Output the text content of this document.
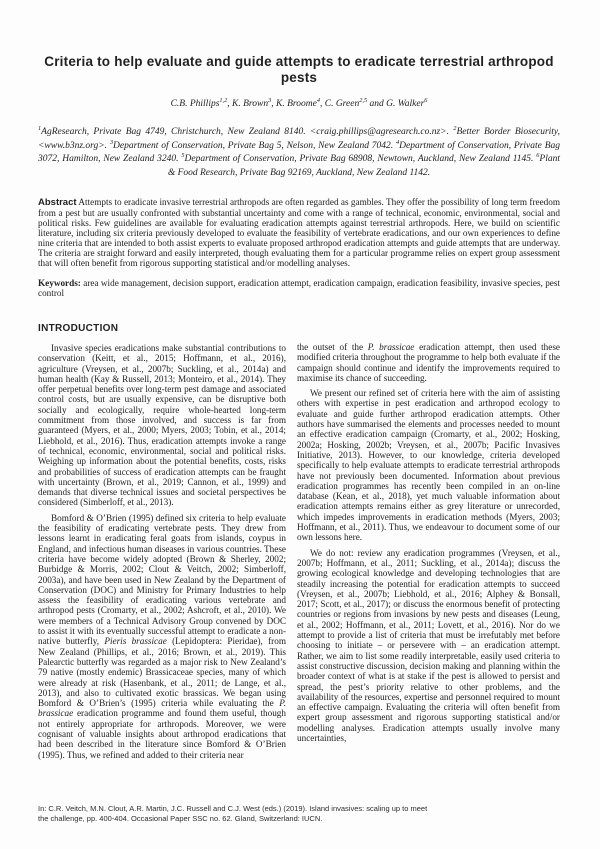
Criteria to help evaluate and guide attempts to eradicate terrestrial arthropod pests
C.B. Phillips$^{1,2}$, K. Brown$^3$, K. Broome$^4$, C. Green$^{2,5}$ and G. Walker$^6$
$^1$AgResearch, Private Bag 4749, Christchurch, New Zealand 8140. <craig.phillips@agresearch.co.nz>. $^2$Better Border Biosecurity, <www.b3nz.org>. $^3$Department of Conservation, Private Bag 5, Nelson, New Zealand 7042. $^4$Department of Conservation, Private Bag 3072, Hamilton, New Zealand 3240. $^5$Department of Conservation, Private Bag 68908, Newtown, Auckland, New Zealand 1145. $^6$Plant & Food Research, Private Bag 92169, Auckland, New Zealand 1142.

Abstract Attempts to eradicate invasive terrestrial arthropods are often regarded as gambles. They offer the possibility of long term freedom from a pest but are usually confronted with substantial uncertainty and come with a range of technical, economic, environmental, social and political risks. Few guidelines are available for evaluating eradication attempts against terrestrial arthropods. Here, we build on scientific literature, including six criteria previously developed to evaluate the feasibility of vertebrate eradications, and our own experiences to define nine criteria that are intended to both assist experts to evaluate proposed arthropod eradication attempts and guide attempts that are underway. The criteria are straight forward and easily interpreted, though evaluating them for a particular programme relies on expert group assessment that will often benefit from rigorous supporting statistical and/or modelling analyses.

Keywords: area wide management, decision support, eradication attempt, eradication campaign, eradication feasibility, invasive species, pest control

INTRODUCTION

Invasive species eradications make substantial contributions to conservation (Keitt, et al., 2015; Hoffmann, et al., 2016), agriculture (Vreysen, et al., 2007b; Suckling, et al., 2014a) and human health (Kay & Russell, 2013; Monteiro, et al., 2014). They offer perpetual benefits over long-term pest damage and associated control costs, but are usually expensive, can be disruptive both socially and ecologically, require whole-hearted long-term commitment from those involved, and success is far from guaranteed (Myers, et al., 2000; Myers, 2003; Tobin, et al., 2014; Liebhold, et al., 2016). Thus, eradication attempts invoke a range of technical, economic, environmental, social and political risks. Weighing up information about the potential benefits, costs, risks and probabilities of success of eradication attempts can be fraught with uncertainty (Brown, et al., 2019; Cannon, et al., 1999) and demands that diverse technical issues and societal perspectives be considered (Simberloff, et al., 2013).

Bomford & O’Brien (1995) defined six criteria to help evaluate the feasibility of eradicating vertebrate pests. They drew from lessons learnt in eradicating feral goats from islands, coypus in England, and infectious human diseases in various countries. These criteria have become widely adopted (Brown & Sherley, 2002; Burbidge & Morris, 2002; Clout & Veitch, 2002; Simberloff, 2003a), and have been used in New Zealand by the Department of Conservation (DOC) and Ministry for Primary Industries to help assess the feasibility of eradicating various vertebrate and arthropod pests (Cromarty, et al., 2002; Ashcroft, et al., 2010). We were members of a Technical Advisory Group convened by DOC to assist it with its eventually successful attempt to eradicate a non-native butterfly, Pieris brassicae (Lepidoptera: Pieridae), from New Zealand (Phillips, et al., 2016; Brown, et al., 2019). This Palearctic butterfly was regarded as a major risk to New Zealand’s 79 native (mostly endemic) Brassicaceae species, many of which were already at risk (Hasenbank, et al., 2011; de Lange, et al., 2013), and also to cultivated exotic brassicas. We began using Bomford & O’Brien’s (1995) criteria while evaluating the P. brassicae eradication programme and found them useful, though not entirely appropriate for arthropods. Moreover, we were cognisant of valuable insights about arthropod eradications that had been described in the literature since Bomford & O’Brien (1995). Thus, we refined and added to their criteria near

the outset of the P. brassicae eradication attempt, then used these modified criteria throughout the programme to help both evaluate if the campaign should continue and identify the improvements required to maximise its chance of succeeding.

We present our refined set of criteria here with the aim of assisting others with expertise in pest eradication and arthropod ecology to evaluate and guide further arthropod eradication attempts. Other authors have summarised the elements and processes needed to mount an effective eradication campaign (Cromarty, et al., 2002; Hosking, 2002a; Hosking, 2002b; Vreysen, et al., 2007b; Pacific Invasives Initiative, 2013). However, to our knowledge, criteria developed specifically to help evaluate attempts to eradicate terrestrial arthropods have not previously been documented. Information about previous eradication programmes has recently been compiled in an on-line database (Kean, et al., 2018), yet much valuable information about eradication attempts remains either as grey literature or unrecorded, which impedes improvements in eradication methods (Myers, 2003; Hoffmann, et al., 2011). Thus, we endeavour to document some of our own lessons here.

We do not: review any eradication programmes (Vreysen, et al., 2007b; Hoffmann, et al., 2011; Suckling, et al., 2014a); discuss the growing ecological knowledge and developing technologies that are steadily increasing the potential for eradication attempts to succeed (Vreysen, et al., 2007b; Liebhold, et al., 2016; Alphey & Bonsall, 2017; Scott, et al., 2017); or discuss the enormous benefit of protecting countries or regions from invasions by new pests and diseases (Leung, et al., 2002; Hoffmann, et al., 2011; Lovett, et al., 2016). Nor do we attempt to provide a list of criteria that must be irrefutably met before choosing to initiate – or persevere with – an eradication attempt. Rather, we aim to list some readily interpretable, easily used criteria to assist constructive discussion, decision making and planning within the broader context of what is at stake if the pest is allowed to persist and spread, the pest’s priority relative to other problems, and the availability of the resources, expertise and personnel required to mount an effective campaign. Evaluating the criteria will often benefit from expert group assessment and rigorous supporting statistical and/or modelling analyses. Eradication attempts usually involve many uncertainties,

In: C.R. Veitch, M.N. Clout, A.R. Martin, J.C. Russell and C.J. West (eds.) (2019). Island invasives: scaling up to meet the challenge, pp. 400-404. Occasional Paper SSC no. 62. Gland, Switzerland: IUCN.
